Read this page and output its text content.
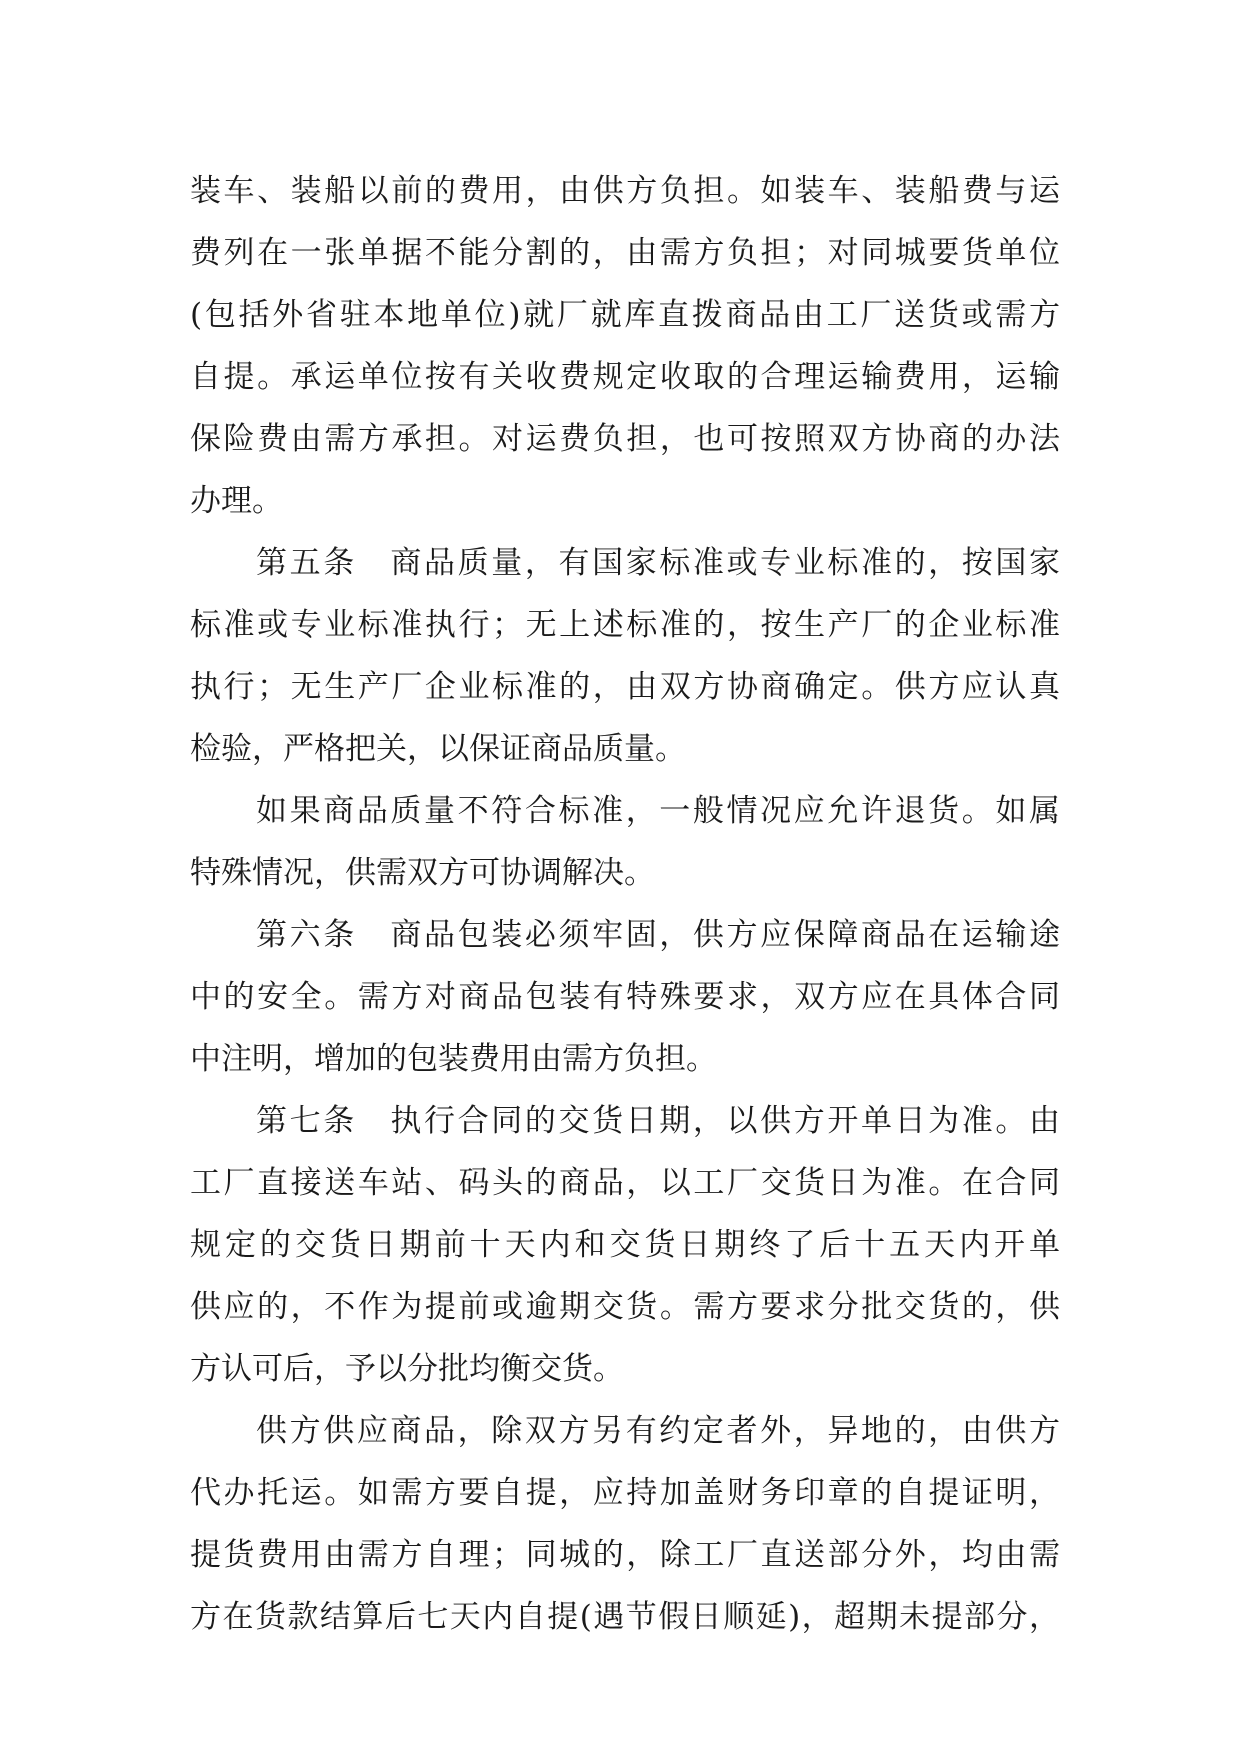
装车、装船以前的费用，由供方负担。如装车、装船费与运
费列在一张单据不能分割的，由需方负担；对同城要货单位
(包括外省驻本地单位)就厂就库直拨商品由工厂送货或需方
自提。承运单位按有关收费规定收取的合理运输费用，运输
保险费由需方承担。对运费负担，也可按照双方协商的办法
办理。
第五条　商品质量，有国家标准或专业标准的，按国家
标准或专业标准执行；无上述标准的，按生产厂的企业标准
执行；无生产厂企业标准的，由双方协商确定。供方应认真
检验，严格把关，以保证商品质量。
如果商品质量不符合标准，一般情况应允许退货。如属
特殊情况，供需双方可协调解决。
第六条　商品包装必须牢固，供方应保障商品在运输途
中的安全。需方对商品包装有特殊要求，双方应在具体合同
中注明，增加的包装费用由需方负担。
第七条　执行合同的交货日期，以供方开单日为准。由
工厂直接送车站、码头的商品，以工厂交货日为准。在合同
规定的交货日期前十天内和交货日期终了后十五天内开单
供应的，不作为提前或逾期交货。需方要求分批交货的，供
方认可后，予以分批均衡交货。
供方供应商品，除双方另有约定者外，异地的，由供方
代办托运。如需方要自提，应持加盖财务印章的自提证明，
提货费用由需方自理；同城的，除工厂直送部分外，均由需
方在货款结算后七天内自提(遇节假日顺延)，超期未提部分，
